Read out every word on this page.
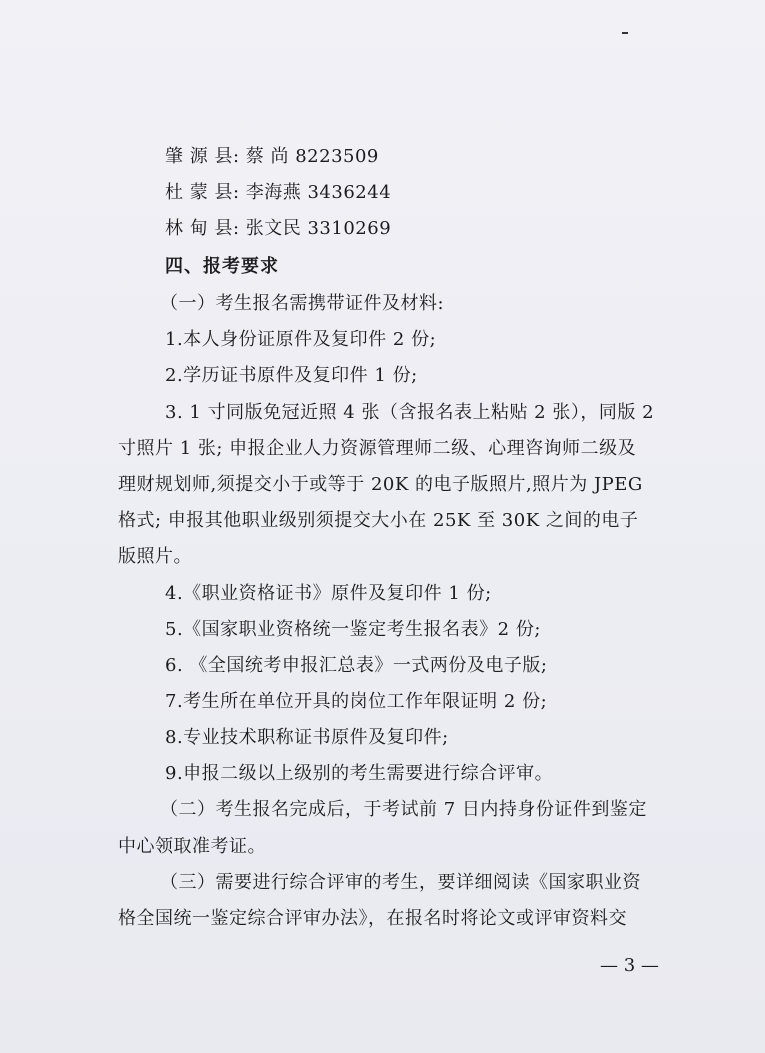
肇 源 县: 蔡 尚 8223509
杜 蒙 县: 李海燕 3436244
林 甸 县: 张文民 3310269
四、报考要求
（一）考生报名需携带证件及材料:
1.本人身份证原件及复印件 2 份;
2.学历证书原件及复印件 1 份;
3. 1 寸同版免冠近照 4 张（含报名表上粘贴 2 张），同版 2
寸照片 1 张; 申报企业人力资源管理师二级、心理咨询师二级及
理财规划师,须提交小于或等于 20K 的电子版照片,照片为 JPEG
格式; 申报其他职业级别须提交大小在 25K 至 30K 之间的电子
版照片。
4.《职业资格证书》原件及复印件 1 份;
5.《国家职业资格统一鉴定考生报名表》2 份;
6. 《全国统考申报汇总表》一式两份及电子版;
7.考生所在单位开具的岗位工作年限证明 2 份;
8.专业技术职称证书原件及复印件;
9.申报二级以上级别的考生需要进行综合评审。
（二）考生报名完成后，于考试前 7 日内持身份证件到鉴定
中心领取准考证。
（三）需要进行综合评审的考生，要详细阅读《国家职业资
格全国统一鉴定综合评审办法》，在报名时将论文或评审资料交
— 3 —
